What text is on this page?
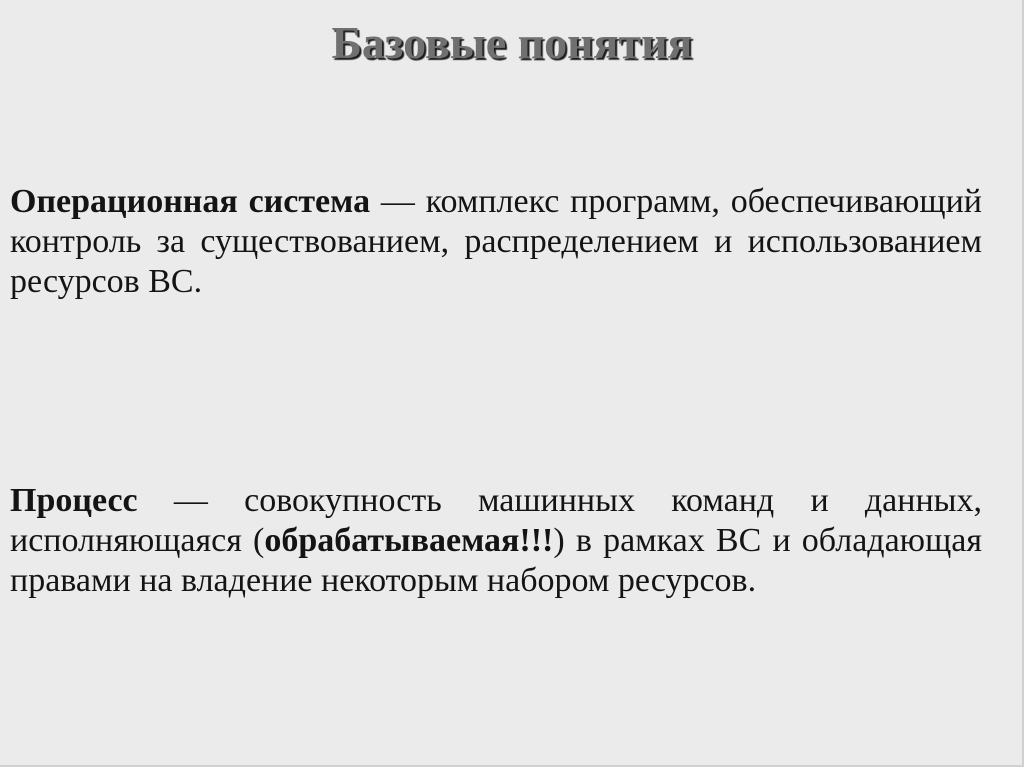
Базовые понятия

Операционная система — комплекс программ, обеспечивающий контроль за существованием, распределением и использованием ресурсов ВС.

Процесс — совокупность машинных команд и данных, исполняющаяся (обрабатываемая!!!) в рамках ВС и обладающая правами на владение некоторым набором ресурсов.
